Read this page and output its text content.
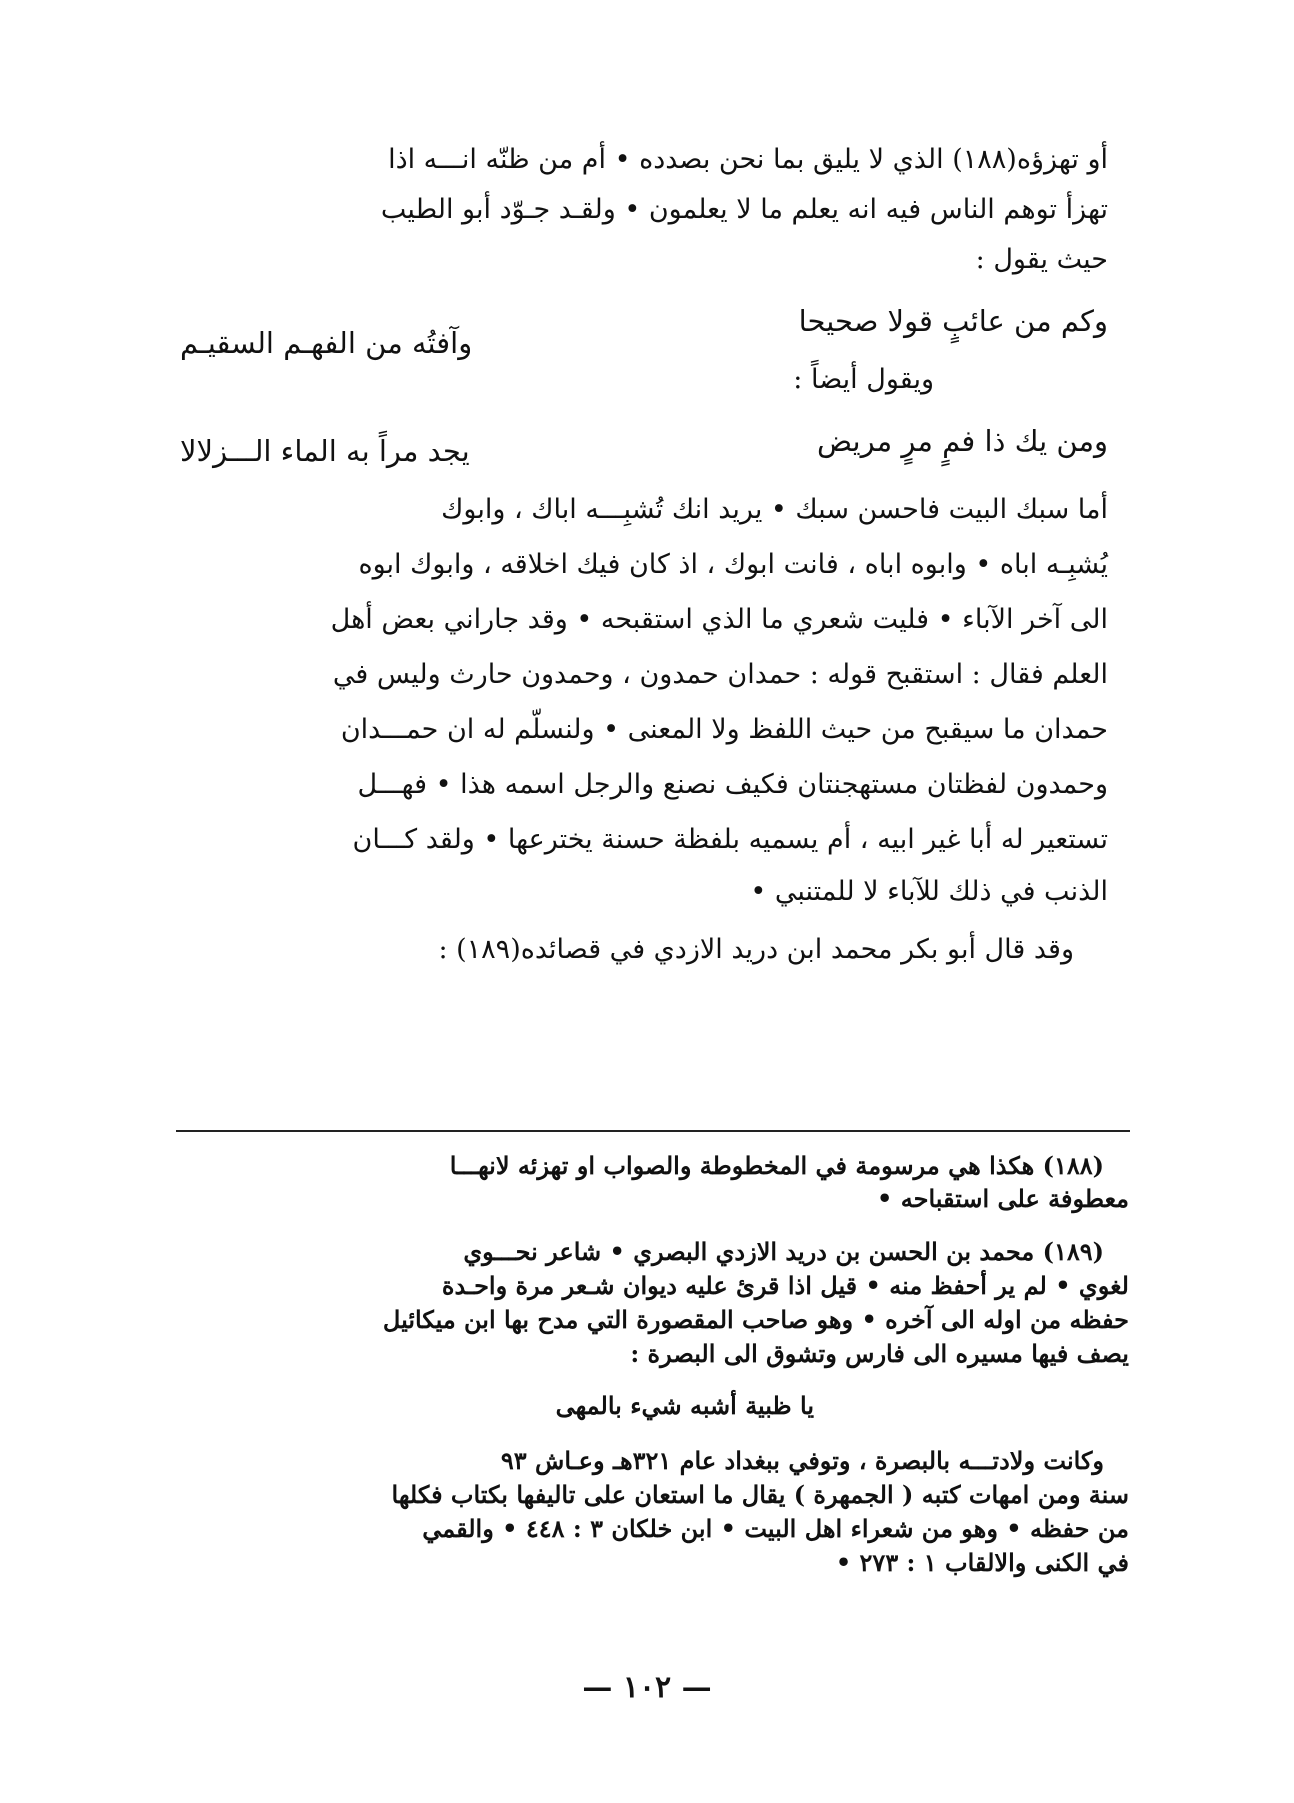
أو تهزؤه(١٨٨) الذي لا يليق بما نحن بصدده • أم من ظنّه انـــه اذا
تهزأ توهم الناس فيه انه يعلم ما لا يعلمون • ولقـد جـوّد أبو الطيب
حيث يقول :
وكم من عائبٍ قولا صحيحا
وآفتُه من الفهـم السقيـم
ويقول أيضاً :
ومن يك ذا فمٍ مرٍ مريض
يجد مراً به الماء الـــزلالا
أما سبك البيت فاحسن سبك • يريد انك تُشبِـــه اباك ، وابوك
يُشبِـه اباه • وابوه اباه ، فانت ابوك ، اذ كان فيك اخلاقه ، وابوك ابوه
الى آخر الآباء • فليت شعري ما الذي استقبحه • وقد جاراني بعض أهل
العلم فقال : استقبح قوله : حمدان حمدون ، وحمدون حارث وليس في
حمدان ما سيقبح من حيث اللفظ ولا المعنى • ولنسلّم له ان حمـــدان
وحمدون لفظتان مستهجنتان فكيف نصنع والرجل اسمه هذا • فهـــل
تستعير له أبا غير ابيه ، أم يسميه بلفظة حسنة يخترعها • ولقد كـــان
الذنب في ذلك للآباء لا للمتنبي •
وقد قال أبو بكر محمد ابن دريد الازدي في قصائده(١٨٩) :
(١٨٨) هكذا هي مرسومة في المخطوطة والصواب او تهزئه لانهـــا
معطوفة على استقباحه •
(١٨٩) محمد بن الحسن بن دريد الازدي البصري • شاعر نحـــوي
لغوي • لم ير أحفظ منه • قيل اذا قرئ عليه ديوان شـعر مرة واحـدة
حفظه من اوله الى آخره • وهو صاحب المقصورة التي مدح بها ابن ميكائيل
يصف فيها مسيره الى فارس وتشوق الى البصرة :
يا ظبية أشبه شيء بالمهى
وكانت ولادتـــه بالبصرة ، وتوفي ببغداد عام ٣٢١هـ وعـاش ٩٣
سنة ومن امهات كتبه ( الجمهرة ) يقال ما استعان على تاليفها بكتاب فكلها
من حفظه • وهو من شعراء اهل البيت • ابن خلكان ٣ : ٤٤٨ • والقمي
في الكنى والالقاب ١ : ٢٧٣ •
— ١٠٢ —
